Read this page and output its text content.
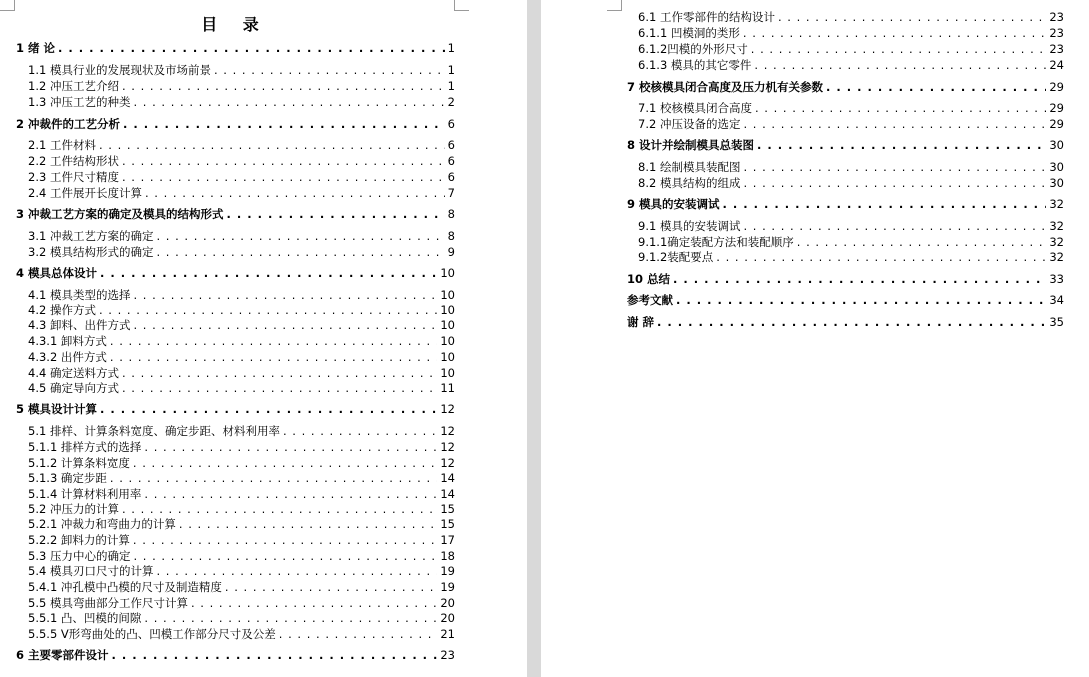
目 录
1 绪 论 . . .	1
1.1 模具行业的发展现状及市场前景 . . .	1
1.2 冲压工艺介绍 . . .	1
1.3 冲压工艺的种类 . . .	2
2 冲裁件的工艺分析 . . .	6
2.1 工件材料 . . .	6
2.2 工件结构形状 . . .	6
2.3 工件尺寸精度 . . .	6
2.4 工件展开长度计算 . . .	7
3 冲裁工艺方案的确定及模具的结构形式 . . .	8
3.1 冲裁工艺方案的确定 . . .	8
3.2 模具结构形式的确定 . . .	9
4 模具总体设计 . . .	10
4.1 模具类型的选择 . . .	10
4.2 操作方式 . . .	10
4.3 卸料、出件方式 . . .	10
4.3.1 卸料方式 . . .	10
4.3.2 出件方式 . . .	10
4.4 确定送料方式 . . .	10
4.5 确定导向方式 . . .	11
5 模具设计计算 . . .	12
5.1 排样、计算条料宽度、确定步距、材料利用率 . . .	12
5.1.1 排样方式的选择 . . .	12
5.1.2 计算条料宽度 . . .	12
5.1.3 确定步距 . . .	14
5.1.4 计算材料利用率 . . .	14
5.2 冲压力的计算 . . .	15
5.2.1 冲裁力和弯曲力的计算 . . .	15
5.2.2 卸料力的计算 . . .	17
5.3 压力中心的确定 . . .	18
5.4 模具刃口尺寸的计算 . . .	19
5.4.1 冲孔模中凸模的尺寸及制造精度 . . .	19
5.5 模具弯曲部分工作尺寸计算 . . .	20
5.5.1 凸、凹模的间隙 . . .	20
5.5.5 V形弯曲处的凸、凹模工作部分尺寸及公差 . . .	21
6 主要零部件设计 . . .	23
6.1 工作零部件的结构设计 . . .	23
6.1.1 凹模洞的类形 . . .	23
6.1.2凹模的外形尺寸 . . .	23
6.1.3 模具的其它零件 . . .	24
7 校核模具闭合高度及压力机有关参数 . . .	29
7.1 校核模具闭合高度 . . .	29
7.2 冲压设备的选定 . . .	29
8 设计并绘制模具总装图 . . .	30
8.1 绘制模具装配图 . . .	30
8.2 模具结构的组成 . . .	30
9 模具的安装调试 . . .	32
9.1 模具的安装调试 . . .	32
9.1.1确定装配方法和装配顺序 . . .	32
9.1.2装配要点 . . .	32
10 总结 . . .	33
参考文献 . . .	34
谢 辞 . . .	35
